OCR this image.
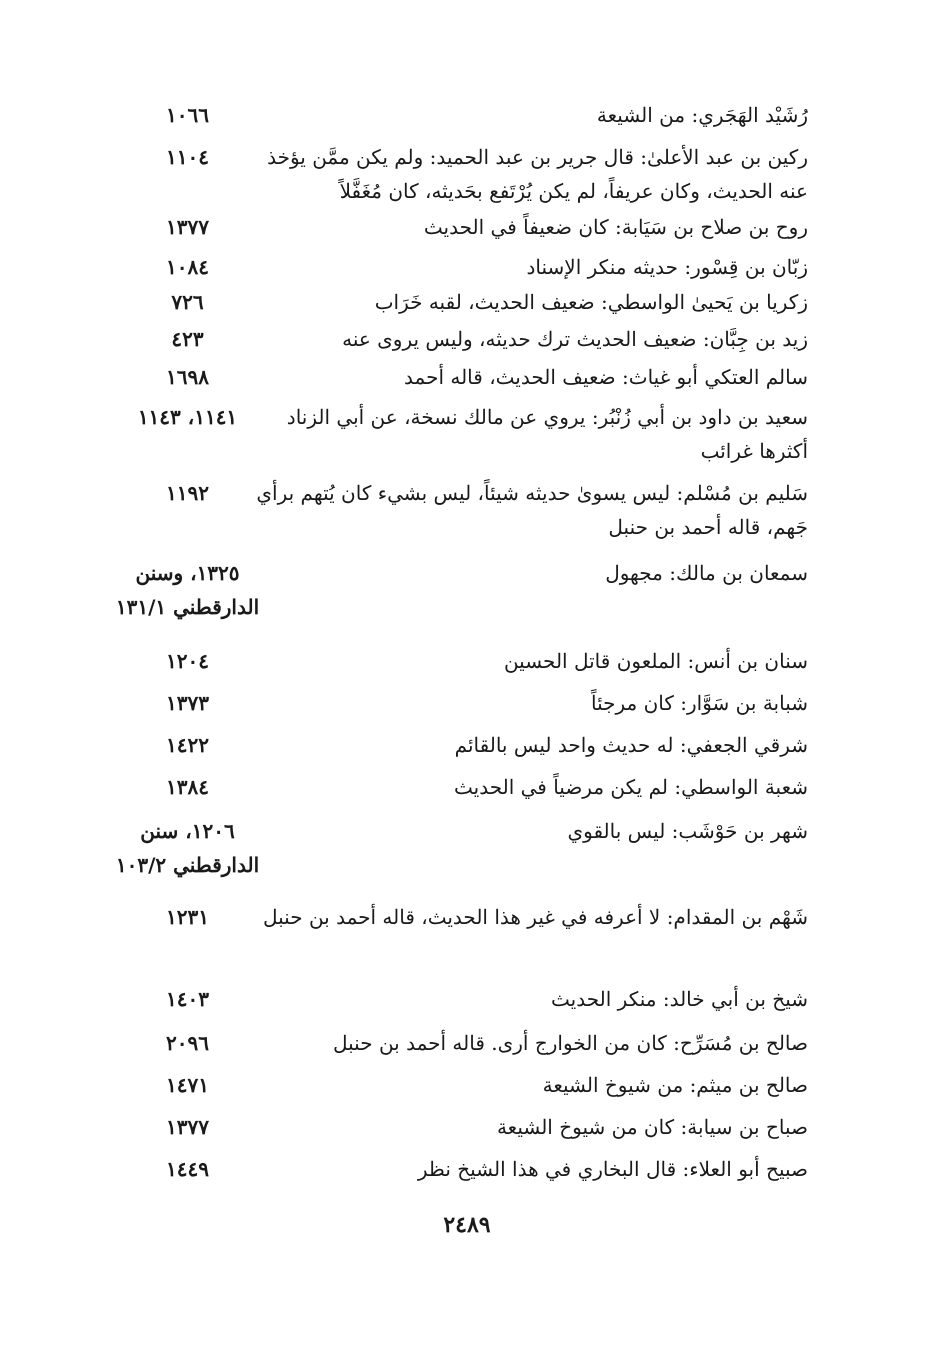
رُشَيْد الهَجَري: من الشيعة
١٠٦٦
ركين بن عبد الأعلىٰ: قال جرير بن عبد الحميد: ولم يكن ممَّن يؤخذ عنه الحديث، وكان عريفاً، لم يكن يُرْتَفع بحَديثه، كان مُغَفَّلاً
١١٠٤
روح بن صلاح بن سَيَابة: كان ضعيفاً في الحديث
١٣٧٧
زبّان بن قِسْور: حديثه منكر الإسناد
١٠٨٤
زكريا بن يَحيىٰ الواسطي: ضعيف الحديث، لقبه خَرَاب
٧٢٦
زيد بن جِبَّان: ضعيف الحديث ترك حديثه، وليس يروى عنه
٤٢٣
سالم العتكي أبو غياث: ضعيف الحديث، قاله أحمد
١٦٩٨
سعيد بن داود بن أبي زُنْبُر: يروي عن مالك نسخة، عن أبي الزناد أكثرها غرائب
١١٤١، ١١٤٣
سَليم بن مُسْلم: ليس يسوىٰ حديثه شيئاً، ليس بشيء كان يُتهم برأي جَهم، قاله أحمد بن حنبل
١١٩٢
سمعان بن مالك: مجهول
١٣٢٥، وسنن الدارقطني ١٣١/١
سنان بن أنس: الملعون قاتل الحسين
١٢٠٤
شبابة بن سَوَّار: كان مرجئاً
١٣٧٣
شرقي الجعفي: له حديث واحد ليس بالقائم
١٤٢٢
شعبة الواسطي: لم يكن مرضياً في الحديث
١٣٨٤
شهر بن حَوْشَب: ليس بالقوي
١٢٠٦، سنن الدارقطني ١٠٣/٢
شَهْم بن المقدام: لا أعرفه في غير هذا الحديث، قاله أحمد بن حنبل
١٢٣١
شيخ بن أبي خالد: منكر الحديث
١٤٠٣
صالح بن مُسَرِّح: كان من الخوارج أرى. قاله أحمد بن حنبل
٢٠٩٦
صالح بن ميثم: من شيوخ الشيعة
١٤٧١
صباح بن سيابة: كان من شيوخ الشيعة
١٣٧٧
صبيح أبو العلاء: قال البخاري في هذا الشيخ نظر
١٤٤٩
٢٤٨٩
